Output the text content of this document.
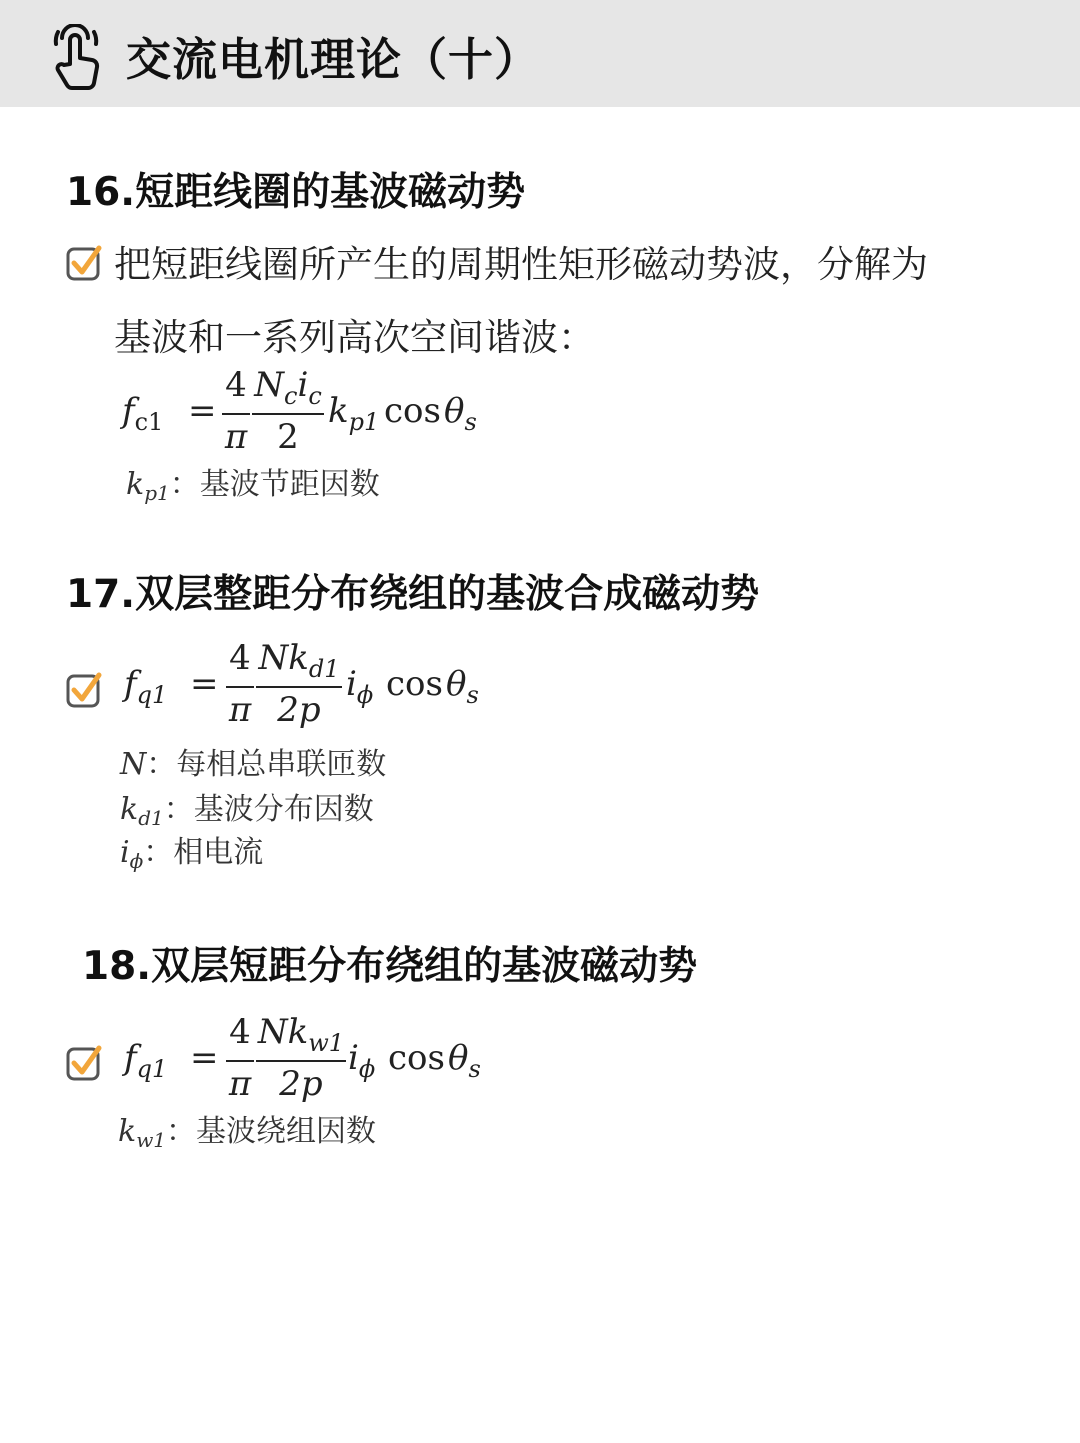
交流电机理论（十）
16.短距线圈的基波磁动势
把短距线圈所产生的周期性矩形磁动势波，分解为
基波和一系列高次空间谐波：
$f_{c1}$ =
4
π
$N_ci_c$
2
$k_{p1}$ $\cos \theta_s$
$k_{p1}$：基波节距因数
17.双层整距分布绕组的基波合成磁动势
$f_{q1}$ =
4
π
$Nk_{d1}$
2p
$i_\phi$ $\cos \theta_s$
N：每相总串联匝数
$k_{d1}$：基波分布因数
$i_\phi$：相电流
18.双层短距分布绕组的基波磁动势
$f_{q1}$ =
4
π
$Nk_{w1}$
2p
$i_\phi$ $\cos \theta_s$
$k_{w1}$：基波绕组因数
